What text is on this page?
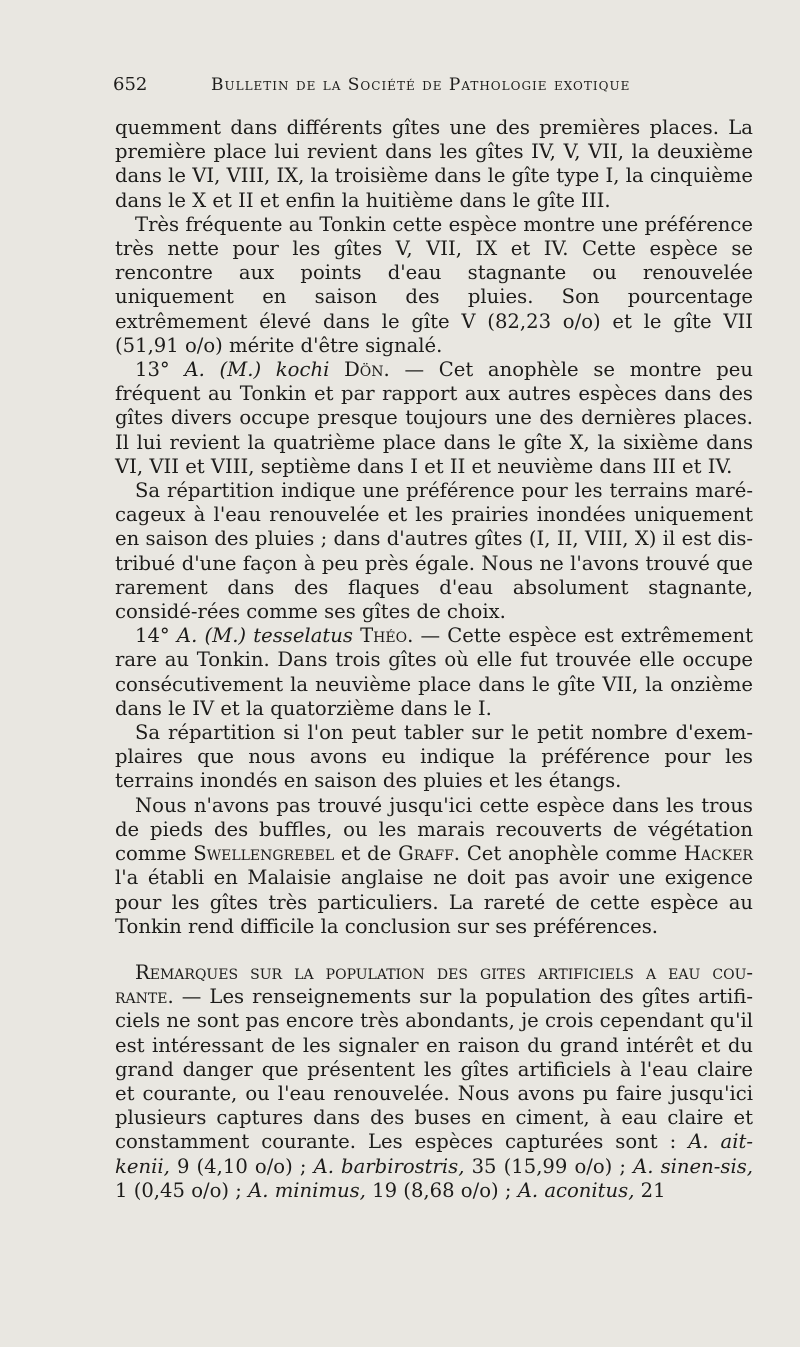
652	Bulletin de la Société de Pathologie exotique

quemment dans différents gîtes une des premières places. La première place lui revient dans les gîtes IV, V, VII, la deuxième dans le VI, VIII, IX, la troisième dans le gîte type I, la cinquième dans le X et II et enfin la huitième dans le gîte III.

Très fréquente au Tonkin cette espèce montre une préférence très nette pour les gîtes V, VII, IX et IV. Cette espèce se rencontre aux points d'eau stagnante ou renouvelée uniquement en saison des pluies. Son pourcentage extrêmement élevé dans le gîte V (82,23 o/o) et le gîte VII (51,91 o/o) mérite d'être signalé.

13° A. (M.) kochi Dön. — Cet anophèle se montre peu fréquent au Tonkin et par rapport aux autres espèces dans des gîtes divers occupe presque toujours une des dernières places. Il lui revient la quatrième place dans le gîte X, la sixième dans VI, VII et VIII, septième dans I et II et neuvième dans III et IV.

Sa répartition indique une préférence pour les terrains maré-cageux à l'eau renouvelée et les prairies inondées uniquement en saison des pluies ; dans d'autres gîtes (I, II, VIII, X) il est dis-tribué d'une façon à peu près égale. Nous ne l'avons trouvé que rarement dans des flaques d'eau absolument stagnante, considé-rées comme ses gîtes de choix.

14° A. (M.) tesselatus Théo. — Cette espèce est extrêmement rare au Tonkin. Dans trois gîtes où elle fut trouvée elle occupe consécutivement la neuvième place dans le gîte VII, la onzième dans le IV et la quatorzième dans le I.

Sa répartition si l'on peut tabler sur le petit nombre d'exem-plaires que nous avons eu indique la préférence pour les terrains inondés en saison des pluies et les étangs.

Nous n'avons pas trouvé jusqu'ici cette espèce dans les trous de pieds des buffles, ou les marais recouverts de végétation comme Swellengrebel et de Graff. Cet anophèle comme Hacker l'a établi en Malaisie anglaise ne doit pas avoir une exigence pour les gîtes très particuliers. La rareté de cette espèce au Tonkin rend difficile la conclusion sur ses préférences.

Remarques sur la population des gites artificiels a eau cou-rante. — Les renseignements sur la population des gîtes artifi-ciels ne sont pas encore très abondants, je crois cependant qu'il est intéressant de les signaler en raison du grand intérêt et du grand danger que présentent les gîtes artificiels à l'eau claire et courante, ou l'eau renouvelée. Nous avons pu faire jusqu'ici plusieurs captures dans des buses en ciment, à eau claire et constamment courante. Les espèces capturées sont : A. ait-kenii, 9 (4,10 o/o) ; A. barbirostris, 35 (15,99 o/o) ; A. sinen-sis, 1 (0,45 o/o) ; A. minimus, 19 (8,68 o/o) ; A. aconitus, 21
